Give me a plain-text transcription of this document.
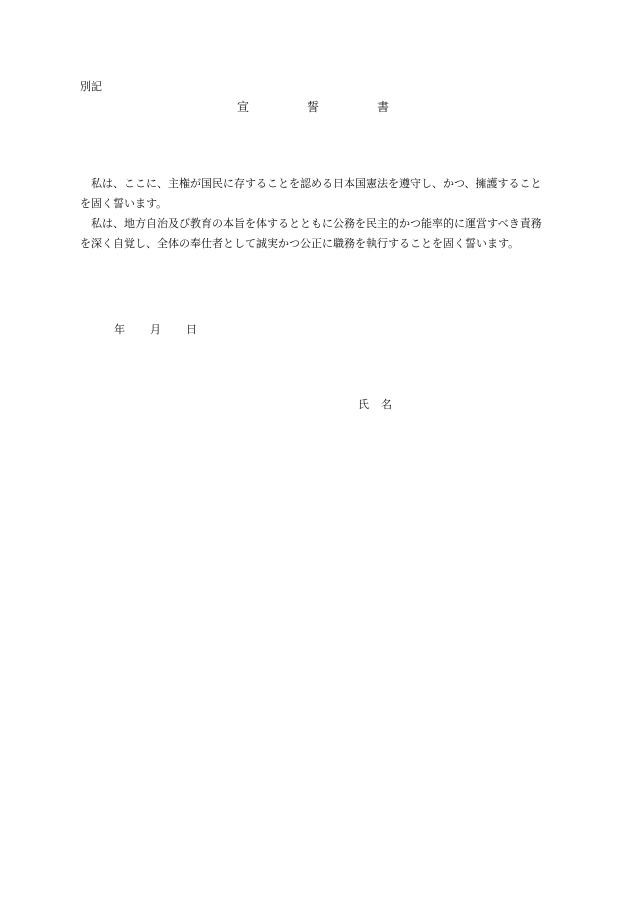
別記
宣	誓	書

私は、ここに、主権が国民に存することを認める日本国憲法を遵守し、かつ、擁護することを固く誓います。

私は、地方自治及び教育の本旨を体するとともに公務を民主的かつ能率的に運営すべき責務を深く自覚し、全体の奉仕者として誠実かつ公正に職務を執行することを固く誓います。

年 月 日
氏 名
